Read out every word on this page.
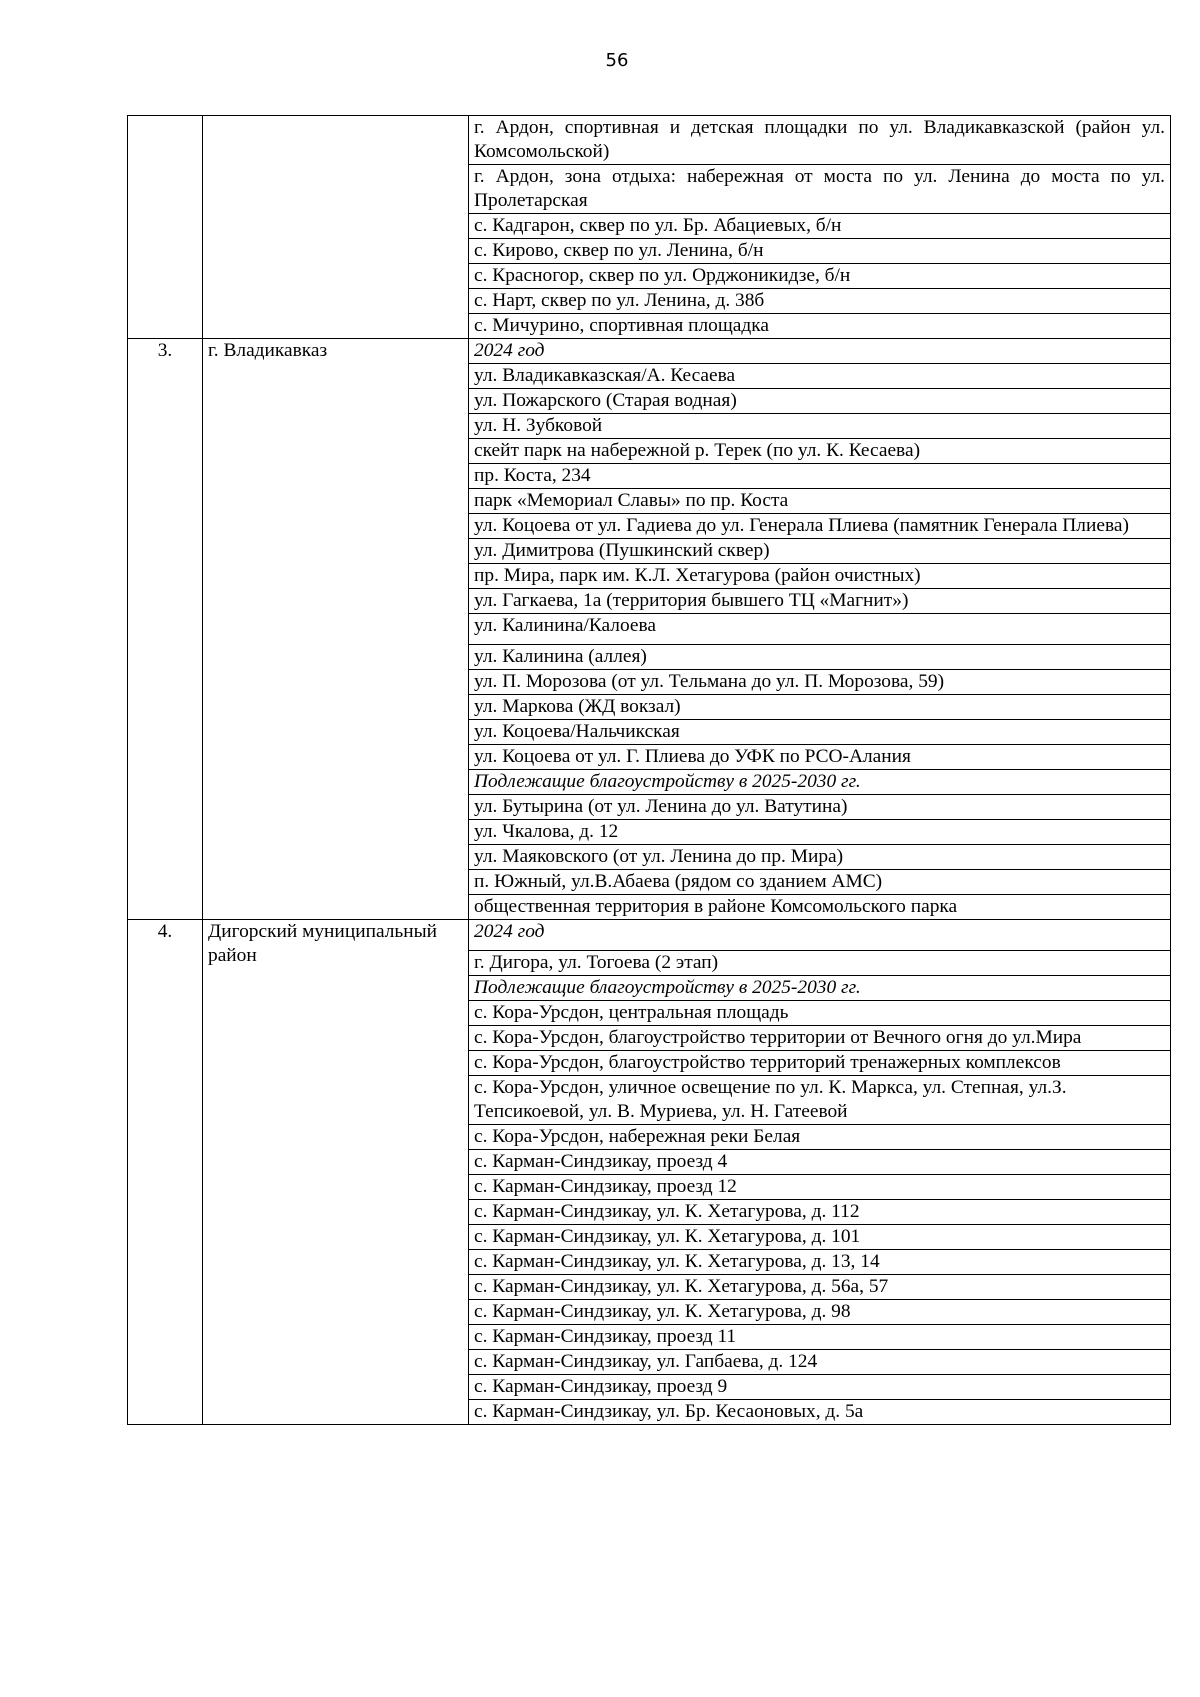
56
		г. Ардон, спортивная и детская площадки по ул. Владикавказской (район ул. Комсомольской)
		г. Ардон, зона отдыха: набережная от моста по ул. Ленина до моста по ул. Пролетарская
		с. Кадгарон, сквер по ул. Бр. Абациевых, б/н
		с. Кирово, сквер по ул. Ленина, б/н
		с. Красногор, сквер по ул. Орджоникидзе, б/н
		с. Нарт, сквер по ул. Ленина, д. 38б
		с. Мичурино, спортивная площадка
3.	г. Владикавказ	2024 год
		ул. Владикавказская/А. Кесаева
		ул. Пожарского (Старая водная)
		ул. Н. Зубковой
		скейт парк на набережной р. Терек (по ул. К. Кесаева)
		пр. Коста, 234
		парк «Мемориал Славы» по пр. Коста
		ул. Коцоева от ул. Гадиева до ул. Генерала Плиева (памятник Генерала Плиева)
		ул. Димитрова (Пушкинский сквер)
		пр. Мира, парк им. К.Л. Хетагурова (район очистных)
		ул. Гагкаева, 1а (территория бывшего ТЦ «Магнит»)
		ул. Калинина/Калоева
		ул. Калинина (аллея)
		ул. П. Морозова (от ул. Тельмана до ул. П. Морозова, 59)
		ул. Маркова (ЖД вокзал)
		ул. Коцоева/Нальчикская
		ул. Коцоева от ул. Г. Плиева до УФК по РСО-Алания
		Подлежащие благоустройству в 2025-2030 гг.
		ул. Бутырина (от ул. Ленина до ул. Ватутина)
		ул. Чкалова, д. 12
		ул. Маяковского (от ул. Ленина до пр. Мира)
		п. Южный, ул.В.Абаева (рядом со зданием АМС)
		общественная территория в районе Комсомольского парка
4.	Дигорский муниципальный район	2024 год
		г. Дигора, ул. Тогоева (2 этап)
		Подлежащие благоустройству в 2025-2030 гг.
		с. Кора-Урсдон, центральная площадь
		с. Кора-Урсдон, благоустройство территории от Вечного огня до ул.Мира
		с. Кора-Урсдон, благоустройство территорий тренажерных комплексов
		с. Кора-Урсдон, уличное освещение по ул. К. Маркса, ул. Степная, ул.З. Тепсикоевой, ул. В. Муриева, ул. Н. Гатеевой
		с. Кора-Урсдон, набережная реки Белая
		с. Карман-Синдзикау, проезд 4
		с. Карман-Синдзикау, проезд 12
		с. Карман-Синдзикау, ул. К. Хетагурова, д. 112
		с. Карман-Синдзикау, ул. К. Хетагурова, д. 101
		с. Карман-Синдзикау, ул. К. Хетагурова, д. 13, 14
		с. Карман-Синдзикау, ул. К. Хетагурова, д. 56а, 57
		с. Карман-Синдзикау, ул. К. Хетагурова, д. 98
		с. Карман-Синдзикау, проезд 11
		с. Карман-Синдзикау, ул. Гапбаева, д. 124
		с. Карман-Синдзикау, проезд 9
		с. Карман-Синдзикау, ул. Бр. Кесаоновых, д. 5а
